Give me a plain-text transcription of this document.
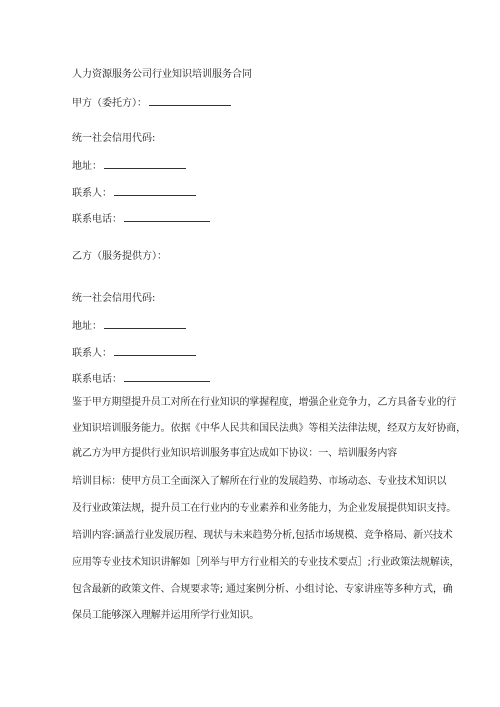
人力资源服务公司行业知识培训服务合同
甲方（委托方）：
统一社会信用代码:
地址：
联系人：
联系电话：
乙方（服务提供方）：
统一社会信用代码:
地址：
联系人：
联系电话：
鉴于甲方期望提升员工对所在行业知识的掌握程度，增强企业竞争力，乙方具备专业的行
业知识培训服务能力。依据《中华人民共和国民法典》等相关法律法规，经双方友好协商，
就乙方为甲方提供行业知识培训服务事宜达成如下协议：一、培训服务内容
培训目标：使甲方员工全面深入了解所在行业的发展趋势、市场动态、专业技术知识以
及行业政策法规，提升员工在行业内的专业素养和业务能力，为企业发展提供知识支持。
培训内容:涵盖行业发展历程、现状与未来趋势分析,包括市场规模、竞争格局、新兴技术
应用等专业技术知识讲解如［列举与甲方行业相关的专业技术要点］;行业政策法规解读，
包含最新的政策文件、合规要求等; 通过案例分析、小组讨论、专家讲座等多种方式，确
保员工能够深入理解并运用所学行业知识。
